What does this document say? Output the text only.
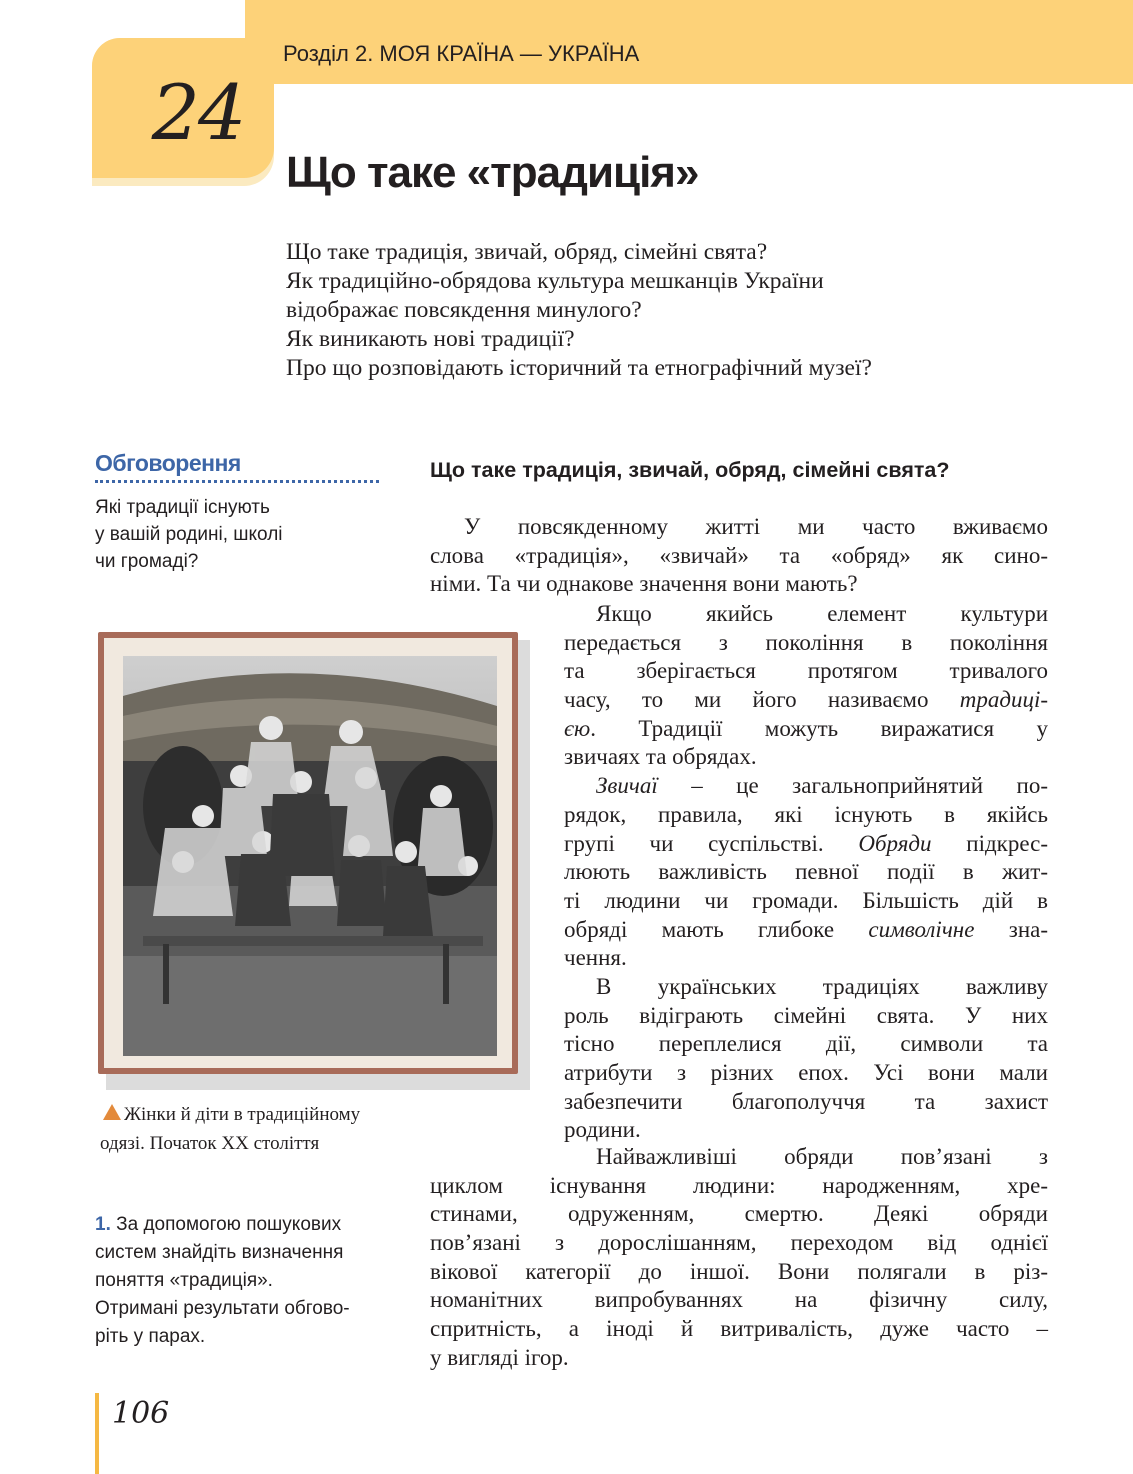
24
Розділ 2. МОЯ КРАЇНА — УКРАЇНА
Що таке «традиція»
Що таке традиція, звичай, обряд, сімейні свята?
Як традиційно-обрядова культура мешканців України
відображає повсякдення минулого?
Як виникають нові традиції?
Про що розповідають історичний та етнографічний музеї?
Обговорення
Які традиції існують
у вашій родині, школі
чи громаді?
Що таке традиція, звичай, обряд, сімейні свята?
У повсякденному житті ми часто вживаємо
слова «традиція», «звичай» та «обряд» як сино-
німи. Та чи однакове значення вони мають?
Якщо якийсь елемент культури
передається з покоління в покоління
та зберігається протягом тривалого
часу, то ми його називаємо традиці-
єю. Традиції можуть виражатися у
звичаях та обрядах.
Звичаї – це загальноприйнятий по-
рядок, правила, які існують в якійсь
групі чи суспільстві. Обряди підкрес-
люють важливість певної події в жит-
ті людини чи громади. Більшість дій в
обряді мають глибоке символічне зна-
чення.
В українських традиціях важливу
роль відіграють сімейні свята. У них
тісно переплелися дії, символи та
атрибути з різних епох. Усі вони мали
забезпечити благополуччя та захист
родини.
Найважливіші обряди пов’язані з
циклом існування людини: народженням, хре-
стинами, одруженням, смертю. Деякі обряди
пов’язані з дорослішанням, переходом від однієї
вікової категорії до іншої. Вони полягали в різ-
номанітних випробуваннях на фізичну силу,
спритність, а іноді й витривалість, дуже часто –
у вигляді ігор.
Жінки й діти в традиційному
одязі. Початок XX століття
1. За допомогою пошукових
систем знайдіть визначення
поняття «традиція».
Отримані результати обгово-
ріть у парах.
106
